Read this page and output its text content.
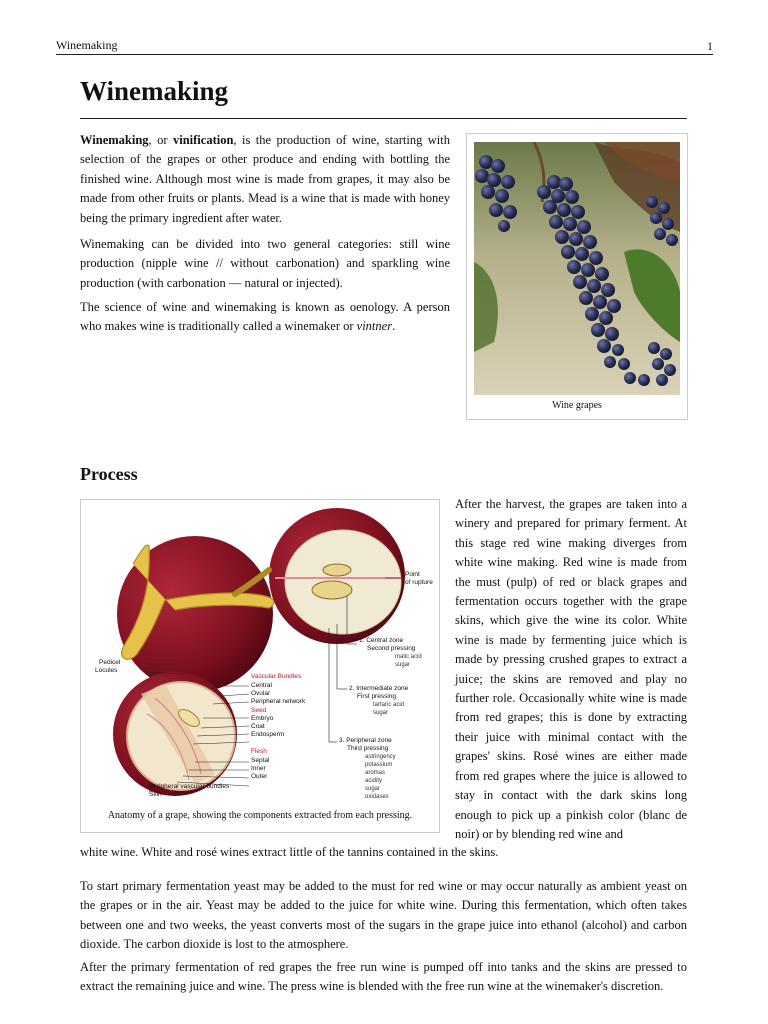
Winemaking	1
Winemaking

Winemaking, or vinification, is the production of wine, starting with selection of the grapes or other produce and ending with bottling the finished wine. Although most wine is made from grapes, it may also be made from other fruits or plants. Mead is a wine that is made with honey being the primary ingredient after water.

Winemaking can be divided into two general categories: still wine production (nipple wine // without carbonation) and sparkling wine production (with carbonation — natural or injected).

The science of wine and winemaking is known as oenology. A person who makes wine is traditionally called a winemaker or vintner.

Wine grapes
Process
Point
of rupture
1. Central zone
Second pressing
malic acid
sugar
2. Intermediate zone
First pressing
tartaric acid
sugar
3. Peripheral zone
Third pressing
astringency
potassium
aromas
acidity
sugar
oxidases
Pedicel
Locules
Vascular Bundles
Central
Ovular
Peripheral network
Seed
Embryo
Coat
Endosperm
Flesh
Septal
Inner
Outer
Peripheral vascular bundles
Skin
Anatomy of a grape, showing the components extracted from each pressing.

After the harvest, the grapes are taken into a winery and prepared for primary ferment. At this stage red wine making diverges from white wine making. Red wine is made from the must (pulp) of red or black grapes and fermentation occurs together with the grape skins, which give the wine its color. White wine is made by fermenting juice which is made by pressing crushed grapes to extract a juice; the skins are removed and play no further role. Occasionally white wine is made from red grapes; this is done by extracting their juice with minimal contact with the grapes' skins. Rosé wines are either made from red grapes where the juice is allowed to stay in contact with the dark skins long enough to pick up a pinkish color (blanc de noir) or by blending red wine and

white wine. White and rosé wines extract little of the tannins contained in the skins.

To start primary fermentation yeast may be added to the must for red wine or may occur naturally as ambient yeast on the grapes or in the air. Yeast may be added to the juice for white wine. During this fermentation, which often takes between one and two weeks, the yeast converts most of the sugars in the grape juice into ethanol (alcohol) and carbon dioxide. The carbon dioxide is lost to the atmosphere.

After the primary fermentation of red grapes the free run wine is pumped off into tanks and the skins are pressed to extract the remaining juice and wine. The press wine is blended with the free run wine at the winemaker's discretion.
